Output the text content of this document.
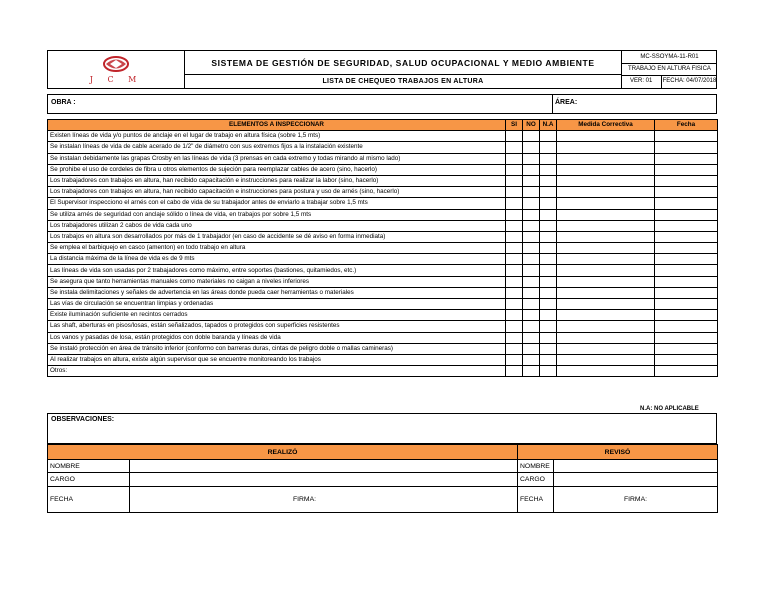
J C M
SISTEMA DE GESTIÓN DE SEGURIDAD, SALUD OCUPACIONAL Y MEDIO AMBIENTE
LISTA DE CHEQUEO TRABAJOS EN ALTURA
MC-SSOYMA-11-R01
TRABAJO EN ALTURA FISICA
VER: 01	FECHA: 04/07/2018
OBRA :	ÁREA:
ELEMENTOS A INSPECCIONAR	SI	NO	N.A	Medida Correctiva	Fecha
Existen líneas de vida y/o puntos de anclaje en el lugar de trabajo en altura física (sobre 1,5 mts)					
Se instalan líneas de vida de cable acerado de 1/2" de diámetro con sus extremos fijos a la instalación existente					
Se instalan debidamente las grapas Crosby en las líneas de vida (3 prensas en cada extremo y todas mirando al mismo lado)					
Se prohibe el uso de cordeles de fibra u otros elementos de sujeción para reemplazar cables de acero (sino, hacerlo)					
Los trabajadores con trabajos en altura, han recibido capacitación e instrucciones para realizar la labor (sino, hacerlo)					
Los trabajadores con trabajos en altura, han recibido capacitación e instrucciones para postura y uso de arnés (sino, hacerlo)					
El Supervisor inspecciono el arnés con el cabo de vida de su trabajador antes de enviarlo a trabajar sobre 1,5 mts					
Se utiliza arnés de seguridad con anclaje sólido o línea de vida, en trabajos por sobre 1,5 mts					
Los trabajadores utilizan 2 cabos de vida cada uno					
Los trabajos en altura son desarrollados por más de 1 trabajador (en caso de accidente se dé aviso en forma inmediata)					
Se emplea el barbiquejo en casco (amenton) en todo trabajo en altura					
La distancia máxima de la línea de vida es de 9 mts					
Las líneas de vida son usadas por 2 trabajadores como máximo, entre soportes (bastiones, quitamiedos, etc.)					
Se asegura que tanto herramientas manuales como materiales no caigan a niveles inferiores					
Se instala delimitaciones y señales de advertencia en las áreas donde pueda caer herramientas o materiales					
Las vías de circulación se encuentran limpias y ordenadas					
Existe iluminación suficiente en recintos cerrados					
Las shaft, aberturas en pisos/losas, están señalizados, tapados o protegidos con superficies resistentes					
Los vanos y pasadas de losa, están protegidos con doble baranda y líneas de vida					
Se instaló protección en área de tránsito inferior (conformo con barreras duras, cintas de peligro doble o mallas camineras)					
Al realizar trabajos en altura, existe algún supervisor que se encuentre monitoreando los trabajos					
Otros:					
N.A: NO APLICABLE
OBSERVACIONES:
REALIZÓ		REVISÓ	
NOMBRE		NOMBRE	
CARGO		CARGO	
FECHA	FIRMA:	FECHA	FIRMA:
